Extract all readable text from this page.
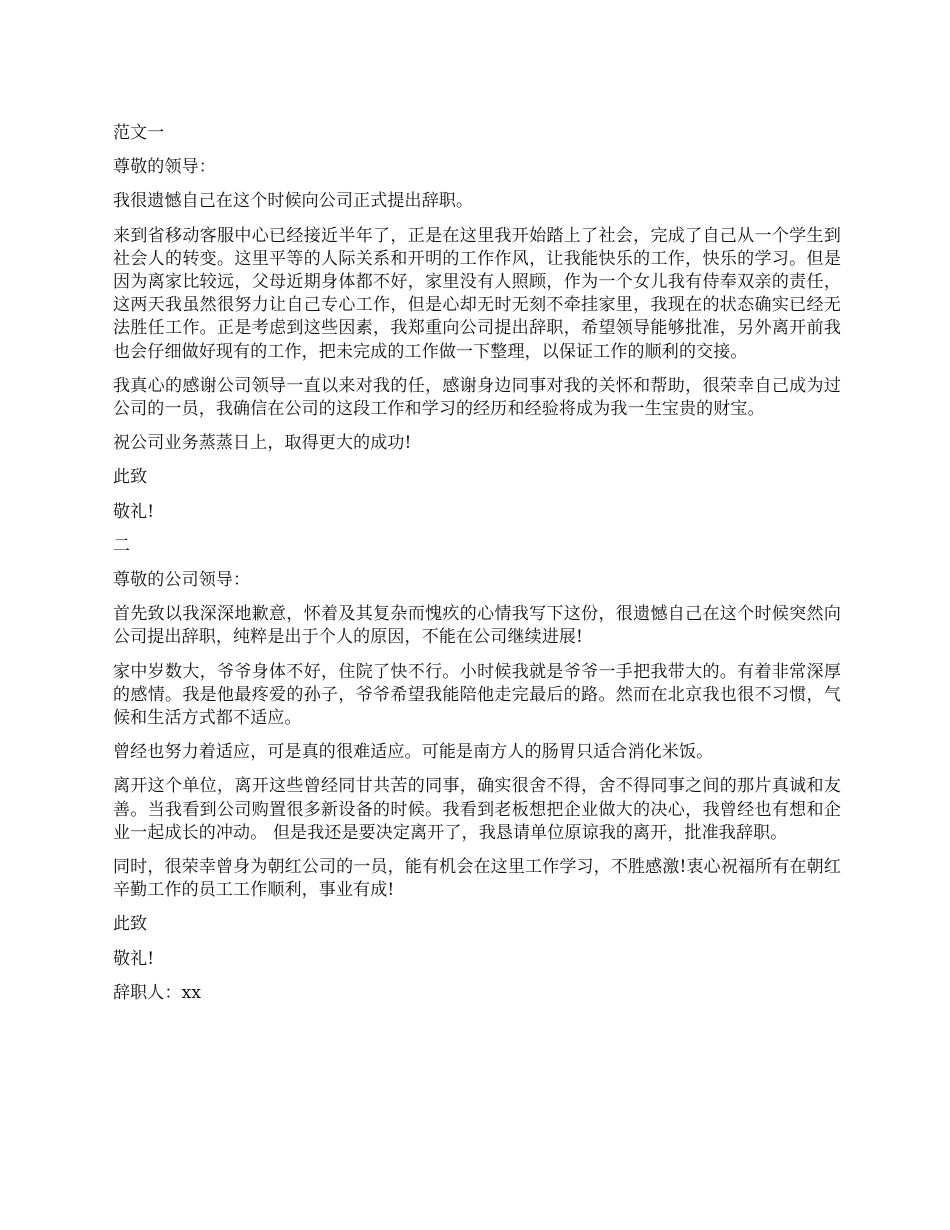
范文一

尊敬的领导：

我很遗憾自己在这个时候向公司正式提出辞职。

来到省移动客服中心已经接近半年了，正是在这里我开始踏上了社会，完成了自己从一个学生到社会人的转变。这里平等的人际关系和开明的工作作风，让我能快乐的工作，快乐的学习。但是因为离家比较远，父母近期身体都不好，家里没有人照顾，作为一个女儿我有侍奉双亲的责任，这两天我虽然很努力让自己专心工作，但是心却无时无刻不牵挂家里，我现在的状态确实已经无法胜任工作。正是考虑到这些因素，我郑重向公司提出辞职，希望领导能够批准，另外离开前我也会仔细做好现有的工作，把未完成的工作做一下整理，以保证工作的顺利的交接。

我真心的感谢公司领导一直以来对我的任，感谢身边同事对我的关怀和帮助，很荣幸自己成为过公司的一员，我确信在公司的这段工作和学习的经历和经验将成为我一生宝贵的财宝。

祝公司业务蒸蒸日上，取得更大的成功!

此致

敬礼!

二

尊敬的公司领导：

首先致以我深深地歉意，怀着及其复杂而愧疚的心情我写下这份，很遗憾自己在这个时候突然向公司提出辞职，纯粹是出于个人的原因，不能在公司继续进展!

家中岁数大，爷爷身体不好，住院了快不行。小时候我就是爷爷一手把我带大的。有着非常深厚的感情。我是他最疼爱的孙子，爷爷希望我能陪他走完最后的路。然而在北京我也很不习惯，气候和生活方式都不适应。

曾经也努力着适应，可是真的很难适应。可能是南方人的肠胃只适合消化米饭。

离开这个单位，离开这些曾经同甘共苦的同事，确实很舍不得，舍不得同事之间的那片真诚和友善。当我看到公司购置很多新设备的时候。我看到老板想把企业做大的决心，我曾经也有想和企业一起成长的冲动。 但是我还是要决定离开了，我恳请单位原谅我的离开，批准我辞职。

同时，很荣幸曾身为朝红公司的一员，能有机会在这里工作学习，不胜感激!衷心祝福所有在朝红辛勤工作的员工工作顺利，事业有成!

此致

敬礼!

辞职人：xx
